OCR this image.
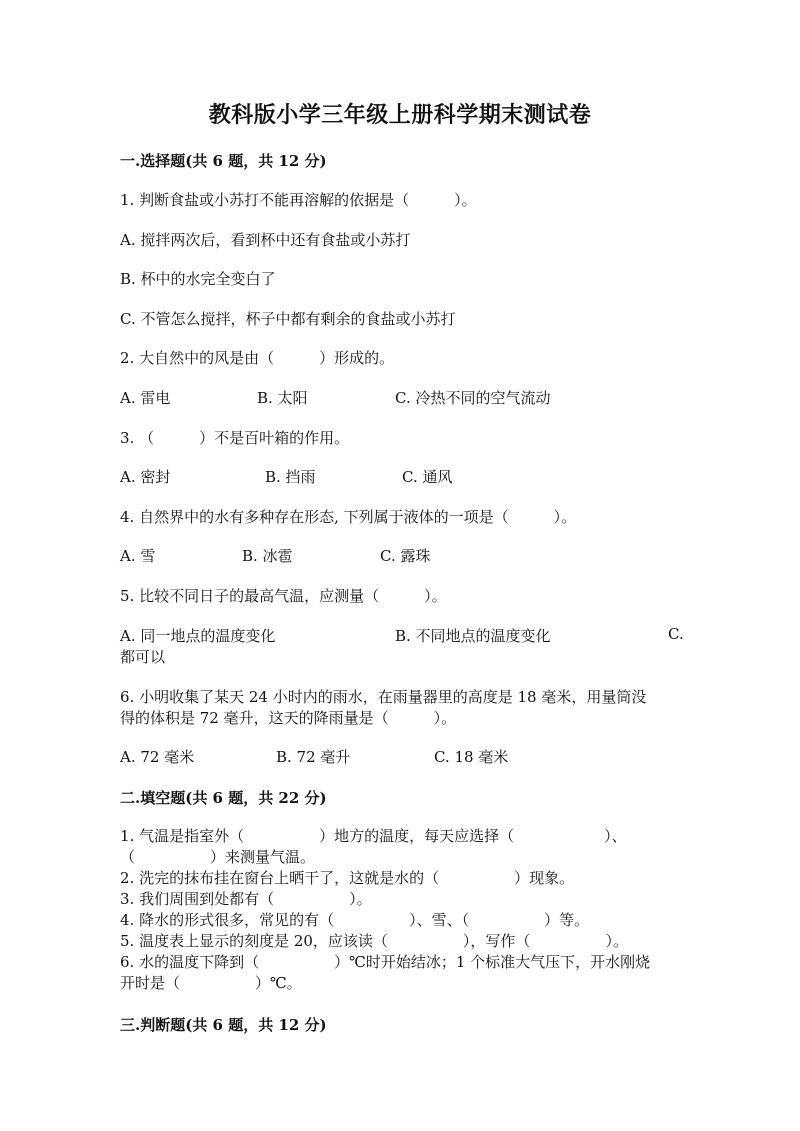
教科版小学三年级上册科学期末测试卷
一.选择题(共 6 题，共 12 分)
1. 判断食盐或小苏打不能再溶解的依据是（　　　）。
A. 搅拌两次后，看到杯中还有食盐或小苏打
B. 杯中的水完全变白了
C. 不管怎么搅拌，杯子中都有剩余的食盐或小苏打
2. 大自然中的风是由（　　　）形成的。
A. 雷电	B. 太阳	C. 冷热不同的空气流动
3. （　　　）不是百叶箱的作用。
A. 密封	B. 挡雨	C. 通风
4. 自然界中的水有多种存在形态, 下列属于液体的一项是（　　　）。
A. 雪	B. 冰雹	C. 露珠
5. 比较不同日子的最高气温，应测量（　　　）。
A. 同一地点的温度变化	B. 不同地点的温度变化	C.
都可以
6. 小明收集了某天 24 小时内的雨水，在雨量器里的高度是 18 毫米，用量筒没
得的体积是 72 毫升，这天的降雨量是（　　　）。
A. 72 毫米	B. 72 毫升	C. 18 毫米
二.填空题(共 6 题，共 22 分)
1. 气温是指室外（　　　　　）地方的温度，每天应选择（　　　　　　）、
（　　　　　）来测量气温。
2. 洗完的抹布挂在窗台上晒干了，这就是水的（　　　　　）现象。
3. 我们周围到处都有（　　　　　）。
4. 降水的形式很多，常见的有（　　　　　）、雪、（　　　　　）等。
5. 温度表上显示的刻度是 20，应该读（　　　　　），写作（　　　　　）。
6. 水的温度下降到（　　　　　）℃时开始结冰；1 个标准大气压下，开水刚烧
开时是（　　　　　）℃。
三.判断题(共 6 题，共 12 分)
